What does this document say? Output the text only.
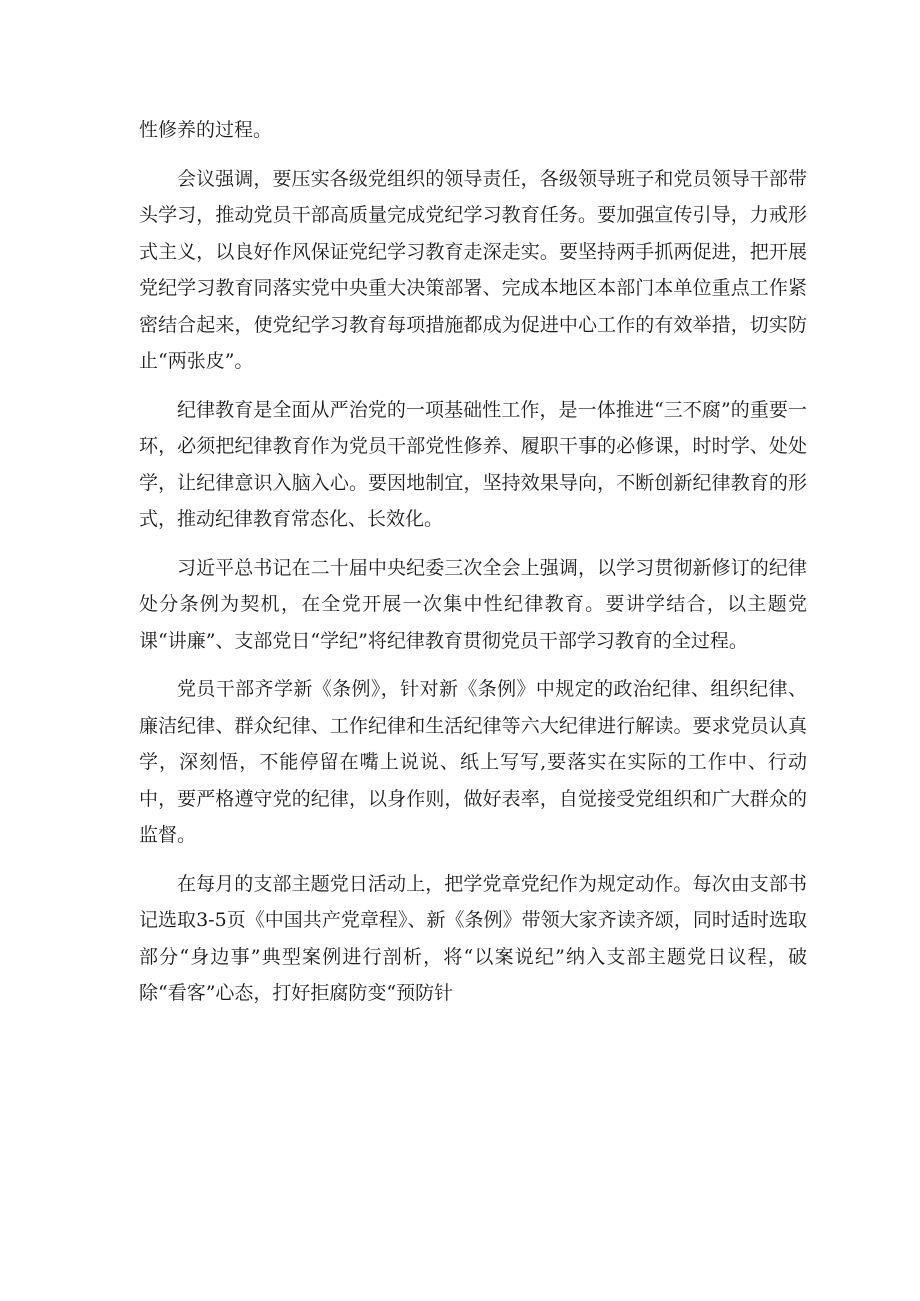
性修养的过程。

会议强调，要压实各级党组织的领导责任，各级领导班子和党员领导干部带头学习，推动党员干部高质量完成党纪学习教育任务。要加强宣传引导，力戒形式主义，以良好作风保证党纪学习教育走深走实。要坚持两手抓两促进，把开展党纪学习教育同落实党中央重大决策部署、完成本地区本部门本单位重点工作紧密结合起来，使党纪学习教育每项措施都成为促进中心工作的有效举措，切实防止“两张皮”。

纪律教育是全面从严治党的一项基础性工作，是一体推进“三不腐”的重要一环，必须把纪律教育作为党员干部党性修养、履职干事的必修课，时时学、处处学，让纪律意识入脑入心。要因地制宜，坚持效果导向，不断创新纪律教育的形式，推动纪律教育常态化、长效化。

习近平总书记在二十届中央纪委三次全会上强调，以学习贯彻新修订的纪律处分条例为契机，在全党开展一次集中性纪律教育。要讲学结合，以主题党课“讲廉”、支部党日“学纪”将纪律教育贯彻党员干部学习教育的全过程。

党员干部齐学新《条例》，针对新《条例》中规定的政治纪律、组织纪律、廉洁纪律、群众纪律、工作纪律和生活纪律等六大纪律进行解读。要求党员认真学，深刻悟，不能停留在嘴上说说、纸上写写,要落实在实际的工作中、行动中，要严格遵守党的纪律，以身作则，做好表率，自觉接受党组织和广大群众的监督。

在每月的支部主题党日活动上，把学党章党纪作为规定动作。每次由支部书记选取3-5页《中国共产党章程》、新《条例》带领大家齐读齐颂，同时适时选取部分“身边事”典型案例进行剖析，将“以案说纪”纳入支部主题党日议程，破除“看客”心态，打好拒腐防变“预防针
